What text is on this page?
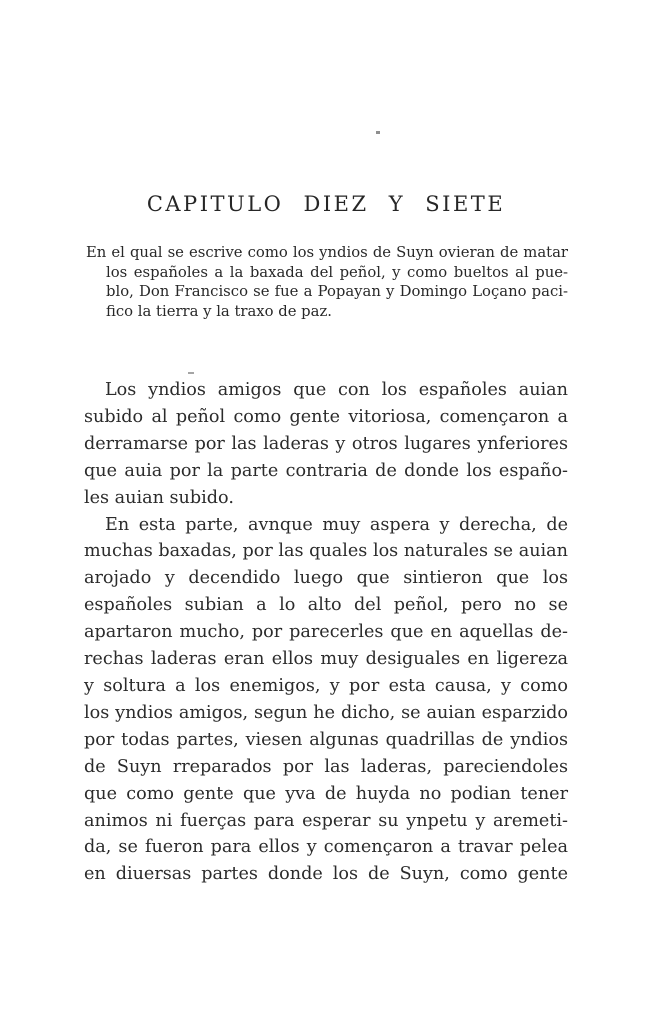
CAPITULO DIEZ Y SIETE
En el qual se escrive como los yndios de Suyn ovieran de matar
los españoles a la baxada del peñol, y como bueltos al pue-
blo, Don Francisco se fue a Popayan y Domingo Loçano paci-
fico la tierra y la traxo de paz.
Los yndios amigos que con los españoles auian
subido al peñol como gente vitoriosa, començaron a
derramarse por las laderas y otros lugares ynferiores
que auia por la parte contraria de donde los españo-
les auian subido.
En esta parte, avnque muy aspera y derecha, de
muchas baxadas, por las quales los naturales se auian
arojado y decendido luego que sintieron que los
españoles subian a lo alto del peñol, pero no se
apartaron mucho, por parecerles que en aquellas de-
rechas laderas eran ellos muy desiguales en ligereza
y soltura a los enemigos, y por esta causa, y como
los yndios amigos, segun he dicho, se auian esparzido
por todas partes, viesen algunas quadrillas de yndios
de Suyn rreparados por las laderas, pareciendoles
que como gente que yva de huyda no podian tener
animos ni fuerças para esperar su ynpetu y aremeti-
da, se fueron para ellos y començaron a travar pelea
en diuersas partes donde los de Suyn, como gente
